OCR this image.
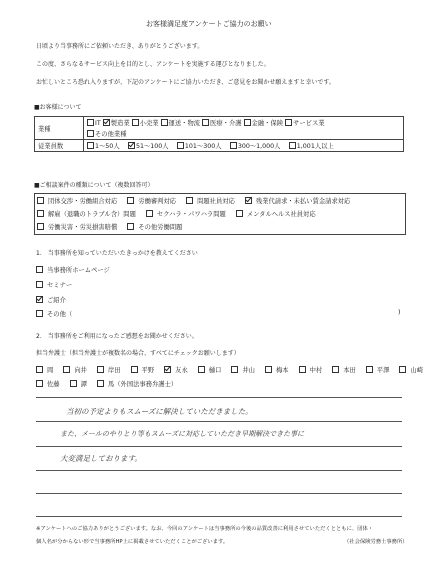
お客様満足度アンケートご協力のお願い
日頃より当事務所にご依頼いただき、ありがとうございます。
この度、さらなるサービス向上を目的とし、アンケートを実施する運びとなりました。
お忙しいところ恐れ入りますが、下記のアンケートにご協力いただき、ご意見をお聞かせ願えますと幸いです。
■お客様について
業種	IT 製造業 小売業 運送・物流 医療・介護 金融・保険 サービス業
	その他業種
従業員数	1～50人　 51～100人　 101～300人　 300～1,000人　 1,001人以上
■ご相談案件の種類について（複数回答可）
団体交渉・労働組合対応	労働審判対応	問題社員対応	残業代請求・未払い賃金請求対応
解雇（退職のトラブル含）問題	セクハラ・パワハラ問題	メンタルヘルス社員対応
労働災害・労災損害賠償	その他労働問題
1.　当事務所を知っていただいたきっかけを教えてください
当事務所ホームページ
セミナー
ご紹介
その他（	)
2.　当事務所をご利用になったご感想をお聞かせください。
担当弁護士（担当弁護士が複数名の場合、すべてにチェックお願いします）
岡	向井	岸田	平野	友永	樋口	井山	梅本	中村	本田	平澤	山崎
佐藤	譚	馬（外国法事務弁護士）
当初の予定よりもスムーズに解決していただきました。
また、メールのやりとり等もスムーズに対応していただき早期解決できた事に
大変満足しております。
※アンケートへのご協力ありがとうございます。なお、今回のアンケートは当事務所の今後の品質改善に利用させていただくとともに、団体・
個人名が分からない形で当事務所HP上に掲載させていただくことがございます。	（社会保険労務士事務所）
